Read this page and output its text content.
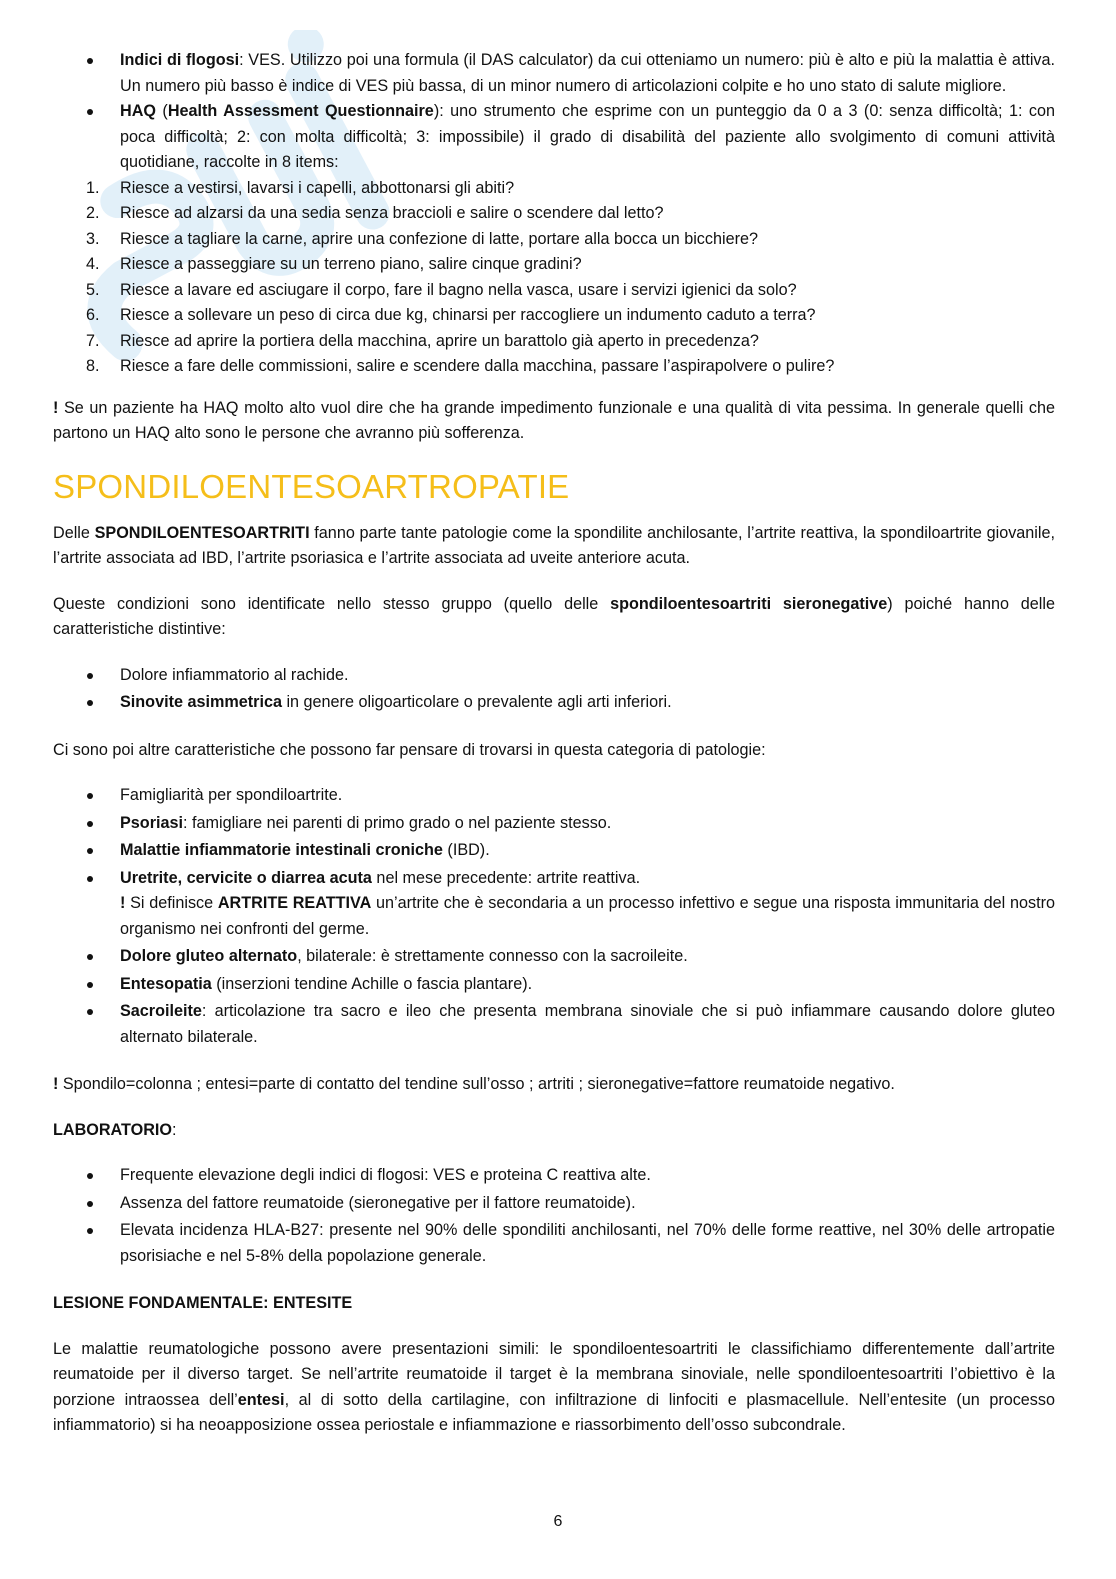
Indici di flogosi: VES. Utilizzo poi una formula (il DAS calculator) da cui otteniamo un numero: più è alto e più la malattia è attiva. Un numero più basso è indice di VES più bassa, di un minor numero di articolazioni colpite e ho uno stato di salute migliore.
HAQ (Health Assessment Questionnaire): uno strumento che esprime con un punteggio da 0 a 3 (0: senza difficoltà; 1: con poca difficoltà; 2: con molta difficoltà; 3: impossibile) il grado di disabilità del paziente allo svolgimento di comuni attività quotidiane, raccolte in 8 items:
1. Riesce a vestirsi, lavarsi i capelli, abbottonarsi gli abiti?
2. Riesce ad alzarsi da una sedia senza braccioli e salire o scendere dal letto?
3. Riesce a tagliare la carne, aprire una confezione di latte, portare alla bocca un bicchiere?
4. Riesce a passeggiare su un terreno piano, salire cinque gradini?
5. Riesce a lavare ed asciugare il corpo, fare il bagno nella vasca, usare i servizi igienici da solo?
6. Riesce a sollevare un peso di circa due kg, chinarsi per raccogliere un indumento caduto a terra?
7. Riesce ad aprire la portiera della macchina, aprire un barattolo già aperto in precedenza?
8. Riesce a fare delle commissioni, salire e scendere dalla macchina, passare l’aspirapolvere o pulire?

! Se un paziente ha HAQ molto alto vuol dire che ha grande impedimento funzionale e una qualità di vita pessima. In generale quelli che partono un HAQ alto sono le persone che avranno più sofferenza.

SPONDILOENTESOARTROPATIE

Delle SPONDILOENTESOARTRITI fanno parte tante patologie come la spondilite anchilosante, l’artrite reattiva, la spondiloartrite giovanile, l’artrite associata ad IBD, l’artrite psoriasica e l’artrite associata ad uveite anteriore acuta.

Queste condizioni sono identificate nello stesso gruppo (quello delle spondiloentesoartriti sieronegative) poiché hanno delle caratteristiche distintive:

Dolore infiammatorio al rachide.
Sinovite asimmetrica in genere oligoarticolare o prevalente agli arti inferiori.

Ci sono poi altre caratteristiche che possono far pensare di trovarsi in questa categoria di patologie:

Famigliarità per spondiloartrite.
Psoriasi: famigliare nei parenti di primo grado o nel paziente stesso.
Malattie infiammatorie intestinali croniche (IBD).
Uretrite, cervicite o diarrea acuta nel mese precedente: artrite reattiva.
! Si definisce ARTRITE REATTIVA un’artrite che è secondaria a un processo infettivo e segue una risposta immunitaria del nostro organismo nei confronti del germe.
Dolore gluteo alternato, bilaterale: è strettamente connesso con la sacroileite.
Entesopatia (inserzioni tendine Achille o fascia plantare).
Sacroileite: articolazione tra sacro e ileo che presenta membrana sinoviale che si può infiammare causando dolore gluteo alternato bilaterale.

! Spondilo=colonna ; entesi=parte di contatto del tendine sull’osso ; artriti ; sieronegative=fattore reumatoide negativo.

LABORATORIO:

Frequente elevazione degli indici di flogosi: VES e proteina C reattiva alte.
Assenza del fattore reumatoide (sieronegative per il fattore reumatoide).
Elevata incidenza HLA-B27: presente nel 90% delle spondiliti anchilosanti, nel 70% delle forme reattive, nel 30% delle artropatie psorisiache e nel 5-8% della popolazione generale.

LESIONE FONDAMENTALE: ENTESITE

Le malattie reumatologiche possono avere presentazioni simili: le spondiloentesoartriti le classifichiamo differentemente dall’artrite reumatoide per il diverso target. Se nell’artrite reumatoide il target è la membrana sinoviale, nelle spondiloentesoartriti l’obiettivo è la porzione intraossea dell’entesi, al di sotto della cartilagine, con infiltrazione di linfociti e plasmacellule. Nell’entesite (un processo infiammatorio) si ha neoapposizione ossea periostale e infiammazione e riassorbimento dell’osso subcondrale.

6
